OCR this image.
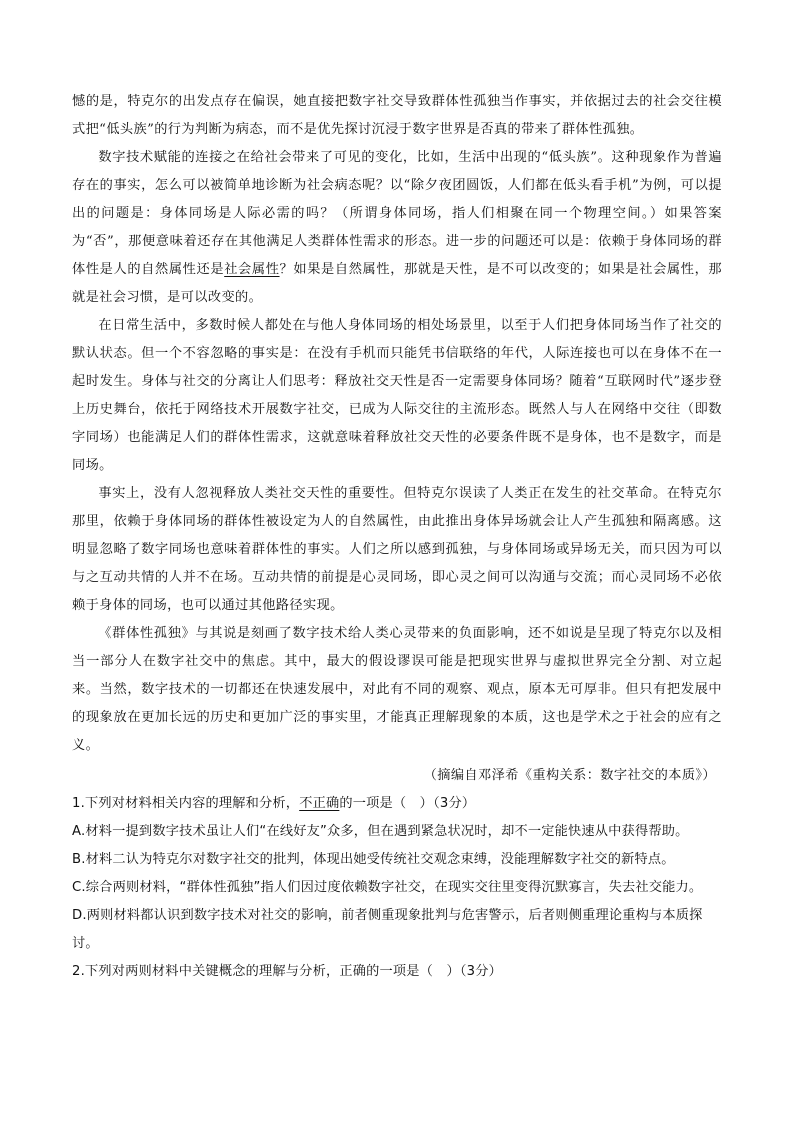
憾的是，特克尔的出发点存在偏误，她直接把数字社交导致群体性孤独当作事实，并依据过去的社会交往模式把“低头族”的行为判断为病态，而不是优先探讨沉浸于数字世界是否真的带来了群体性孤独。

数字技术赋能的连接之在给社会带来了可见的变化，比如，生活中出现的“低头族”。这种现象作为普遍存在的事实，怎么可以被简单地诊断为社会病态呢？以“除夕夜团圆饭，人们都在低头看手机”为例，可以提出的问题是：身体同场是人际必需的吗？（所谓身体同场，指人们相聚在同一个物理空间。）如果答案为“否”，那便意味着还存在其他满足人类群体性需求的形态。进一步的问题还可以是：依赖于身体同场的群体性是人的自然属性还是社会属性？如果是自然属性，那就是天性，是不可以改变的；如果是社会属性，那就是社会习惯，是可以改变的。

在日常生活中，多数时候人都处在与他人身体同场的相处场景里，以至于人们把身体同场当作了社交的默认状态。但一个不容忽略的事实是：在没有手机而只能凭书信联络的年代，人际连接也可以在身体不在一起时发生。身体与社交的分离让人们思考：释放社交天性是否一定需要身体同场？随着“互联网时代”逐步登上历史舞台，依托于网络技术开展数字社交，已成为人际交往的主流形态。既然人与人在网络中交往（即数字同场）也能满足人们的群体性需求，这就意味着释放社交天性的必要条件既不是身体，也不是数字，而是同场。

事实上，没有人忽视释放人类社交天性的重要性。但特克尔误读了人类正在发生的社交革命。在特克尔那里，依赖于身体同场的群体性被设定为人的自然属性，由此推出身体异场就会让人产生孤独和隔离感。这明显忽略了数字同场也意味着群体性的事实。人们之所以感到孤独，与身体同场或异场无关，而只因为可以与之互动共情的人并不在场。互动共情的前提是心灵同场，即心灵之间可以沟通与交流；而心灵同场不必依赖于身体的同场，也可以通过其他路径实现。

《群体性孤独》与其说是刻画了数字技术给人类心灵带来的负面影响，还不如说是呈现了特克尔以及相当一部分人在数字社交中的焦虑。其中，最大的假设谬误可能是把现实世界与虚拟世界完全分割、对立起来。当然，数字技术的一切都还在快速发展中，对此有不同的观察、观点，原本无可厚非。但只有把发展中的现象放在更加长远的历史和更加广泛的事实里，才能真正理解现象的本质，这也是学术之于社会的应有之义。

（摘编自邓泽希《重构关系：数字社交的本质》）

1.下列对材料相关内容的理解和分析，不正确的一项是（　）（3分）

A.材料一提到数字技术虽让人们“在线好友”众多，但在遇到紧急状况时，却不一定能快速从中获得帮助。

B.材料二认为特克尔对数字社交的批判，体现出她受传统社交观念束缚，没能理解数字社交的新特点。

C.综合两则材料，“群体性孤独”指人们因过度依赖数字社交，在现实交往里变得沉默寡言，失去社交能力。

D.两则材料都认识到数字技术对社交的影响，前者侧重现象批判与危害警示，后者则侧重理论重构与本质探讨。

2.下列对两则材料中关键概念的理解与分析，正确的一项是（　）（3分）
